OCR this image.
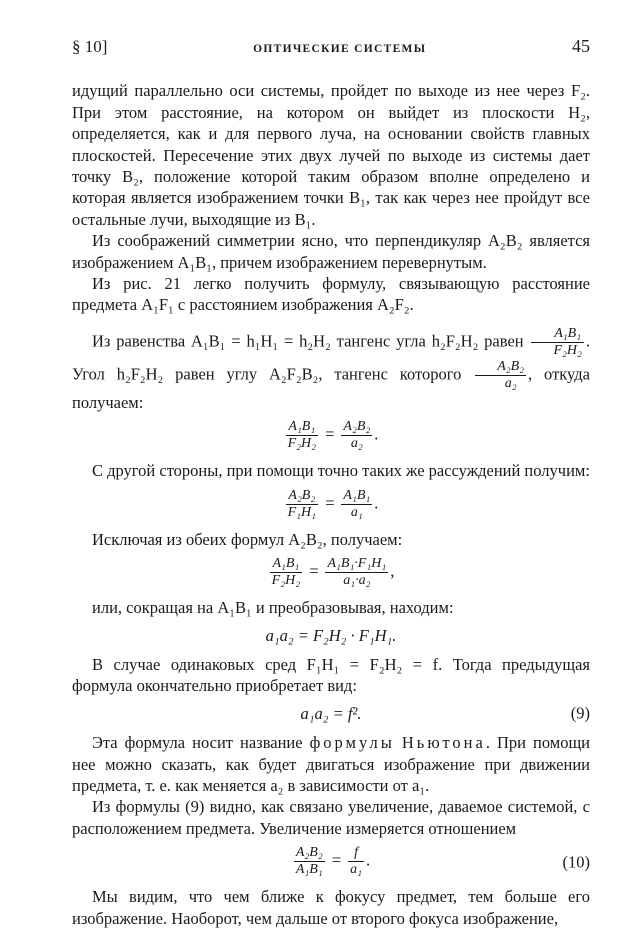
§ 10]	ОПТИЧЕСКИЕ СИСТЕМЫ	45

идущий параллельно оси системы, пройдет по выходе из нее через F₂. При этом расстояние, на котором он выйдет из плоскости H₂, определяется, как и для первого луча, на основании свойств главных плоскостей. Пересечение этих двух лучей по выходе из системы дает точку B₂, положение которой таким образом вполне определено и которая является изображением точки B₁, так как через нее пройдут все остальные лучи, выходящие из B₁.

Из соображений симметрии ясно, что перпендикуляр A₂B₂ является изображением A₁B₁, причем изображением перевернутым.

Из рис. 21 легко получить формулу, связывающую расстояние предмета A₁F₁ с расстоянием изображения A₂F₂.

Из равенства A₁B₁ = h₁H₁ = h₂H₂ тангенс угла h₂F₂H₂ равен $\frac{\text{A₁B₁}}{\text{F₂H₂}}$ . Угол h₂F₂H₂ равен углу A₂F₂B₂, тангенс которого $\frac{\text{A₂B₂}}{\text{a₂}}$ , откуда получаем:

$\frac{\text{A₁B₁}}{\text{F₂H₂}} = \frac{\text{A₂B₂}}{\text{a₂}}$ .

С другой стороны, при помощи точно таких же рассуждений получим:

$\frac{\text{A₂B₂}}{\text{F₁H₁}} = \frac{\text{A₁B₁}}{\text{a₁}}$ .

Исключая из обеих формул A₂B₂, получаем:

$\frac{\text{A₁B₁}}{\text{F₂H₂}} = \frac{\text{A₁B₁·F₁H₁}}{\text{a₁·a₂}}$ ,

или, сокращая на A₁B₁ и преобразовывая, находим:

a₁a₂ = F₂H₂ · F₁H₁.

В случае одинаковых сред F₁H₁ = F₂H₂ = f. Тогда предыдущая формула окончательно приобретает вид:

a₁a₂ = f².	(9)

Эта формула носит название формулы Ньютона. При помощи нее можно сказать, как будет двигаться изображение при движении предмета, т. е. как меняется a₂ в зависимости от a₁.

Из формулы (9) видно, как связано увеличение, даваемое системой, с расположением предмета. Увеличение измеряется отношением

$\frac{\text{A₂B₂}}{\text{A₁B₁}} = \frac{f}{\text{a₁}}$ .	(10)

Мы видим, что чем ближе к фокусу предмет, тем больше его изображение. Наоборот, чем дальше от второго фокуса изображение,
